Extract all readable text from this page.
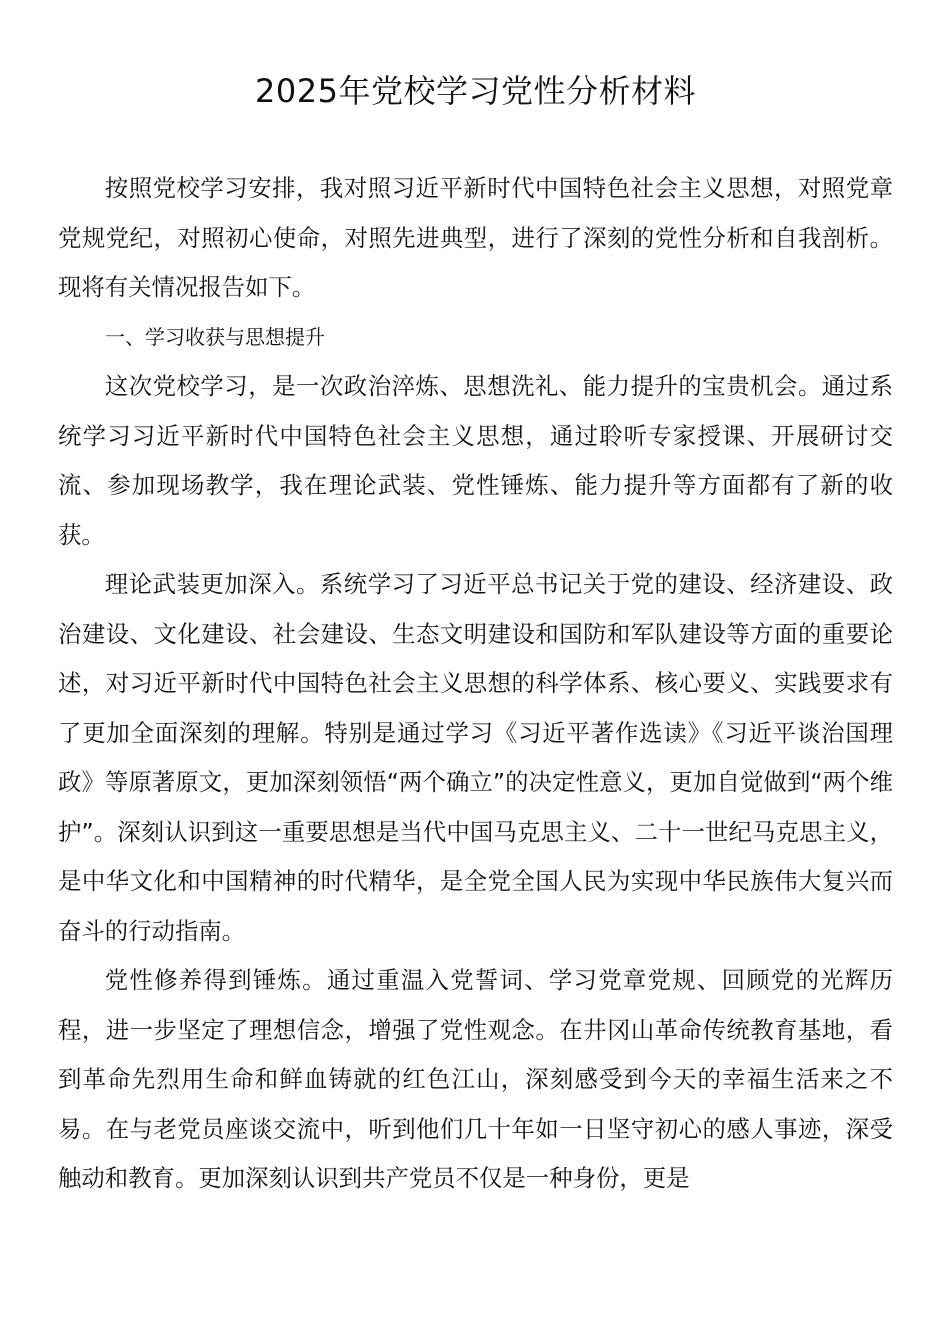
2025年党校学习党性分析材料

按照党校学习安排，我对照习近平新时代中国特色社会主义思想，对照党章党规党纪，对照初心使命，对照先进典型，进行了深刻的党性分析和自我剖析。现将有关情况报告如下。

一、学习收获与思想提升

这次党校学习，是一次政治淬炼、思想洗礼、能力提升的宝贵机会。通过系统学习习近平新时代中国特色社会主义思想，通过聆听专家授课、开展研讨交流、参加现场教学，我在理论武装、党性锤炼、能力提升等方面都有了新的收获。

理论武装更加深入。系统学习了习近平总书记关于党的建设、经济建设、政治建设、文化建设、社会建设、生态文明建设和国防和军队建设等方面的重要论述，对习近平新时代中国特色社会主义思想的科学体系、核心要义、实践要求有了更加全面深刻的理解。特别是通过学习《习近平著作选读》《习近平谈治国理政》等原著原文，更加深刻领悟“两个确立”的决定性意义，更加自觉做到“两个维护”。深刻认识到这一重要思想是当代中国马克思主义、二十一世纪马克思主义，是中华文化和中国精神的时代精华，是全党全国人民为实现中华民族伟大复兴而奋斗的行动指南。

党性修养得到锤炼。通过重温入党誓词、学习党章党规、回顾党的光辉历程，进一步坚定了理想信念，增强了党性观念。在井冈山革命传统教育基地，看到革命先烈用生命和鲜血铸就的红色江山，深刻感受到今天的幸福生活来之不易。在与老党员座谈交流中，听到他们几十年如一日坚守初心的感人事迹，深受触动和教育。更加深刻认识到共产党员不仅是一种身份，更是
